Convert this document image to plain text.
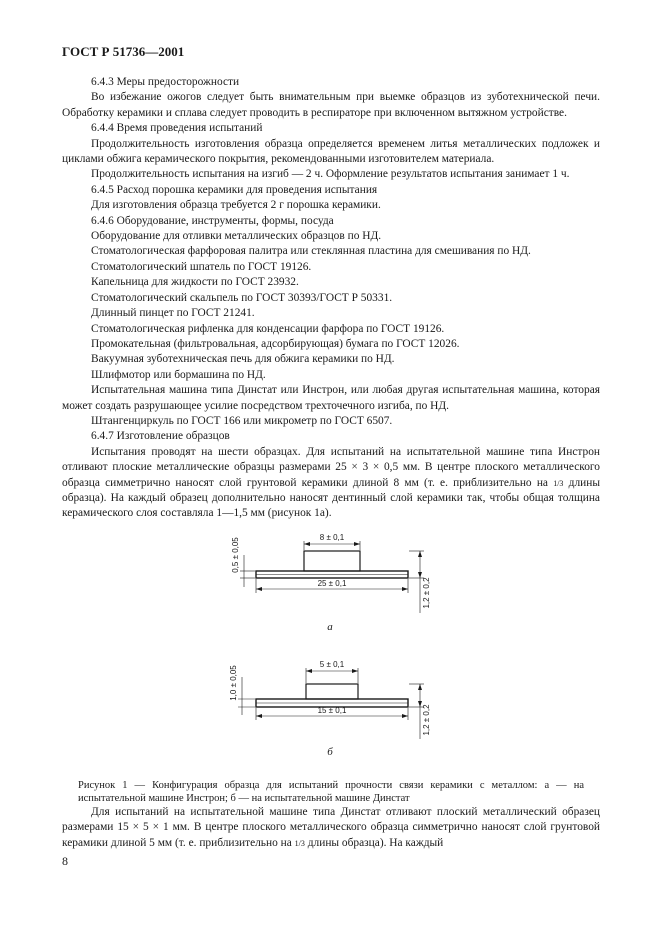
ГОСТ Р 51736—2001

6.4.3 Меры предосторожности

Во избежание ожогов следует быть внимательным при выемке образцов из зуботехнической печи. Обработку керамики и сплава следует проводить в респираторе при включенном вытяжном устройстве.

6.4.4 Время проведения испытаний

Продолжительность изготовления образца определяется временем литья металлических подложек и циклами обжига керамического покрытия, рекомендованными изготовителем материала.

Продолжительность испытания на изгиб — 2 ч. Оформление результатов испытания занимает 1 ч.

6.4.5 Расход порошка керамики для проведения испытания

Для изготовления образца требуется 2 г порошка керамики.

6.4.6 Оборудование, инструменты, формы, посуда

Оборудование для отливки металлических образцов по НД.

Стоматологическая фарфоровая палитра или стеклянная пластина для смешивания по НД.

Стоматологический шпатель по ГОСТ 19126.

Капельница для жидкости по ГОСТ 23932.

Стоматологический скальпель по ГОСТ 30393/ГОСТ Р 50331.

Длинный пинцет по ГОСТ 21241.

Стоматологическая рифленка для конденсации фарфора по ГОСТ 19126.

Промокательная (фильтровальная, адсорбирующая) бумага по ГОСТ 12026.

Вакуумная зуботехническая печь для обжига керамики по НД.

Шлифмотор или бормашина по НД.

Испытательная машина типа Динстат или Инстрон, или любая другая испытательная машина, которая может создать разрушающее усилие посредством трехточечного изгиба, по НД.

Штангенциркуль по ГОСТ 166 или микрометр по ГОСТ 6507.

6.4.7 Изготовление образцов

Испытания проводят на шести образцах. Для испытаний на испытательной машине типа Инстрон отливают плоские металлические образцы размерами 25 × 3 × 0,5 мм. В центре плоского металлического образца симметрично наносят слой грунтовой керамики длиной 8 мм (т. е. приблизительно на 1/3 длины образца). На каждый образец дополнительно наносят дентинный слой керамики так, чтобы общая толщина керамического слоя составляла 1—1,5 мм (рисунок 1а).

8 ± 0,1
25 ± 0,1
0,5 ± 0,05
1,2 ± 0,2
а
5 ± 0,1
15 ± 0,1
1,0 ± 0,05
1,2 ± 0,2
б

Рисунок 1 — Конфигурация образца для испытаний прочности связи керамики с металлом: а — на испытательной машине Инстрон; б — на испытательной машине Динстат

Для испытаний на испытательной машине типа Динстат отливают плоский металлический образец размерами 15 × 5 × 1 мм. В центре плоского металлического образца симметрично наносят слой грунтовой керамики длиной 5 мм (т. е. приблизительно на 1/3 длины образца). На каждый

8
